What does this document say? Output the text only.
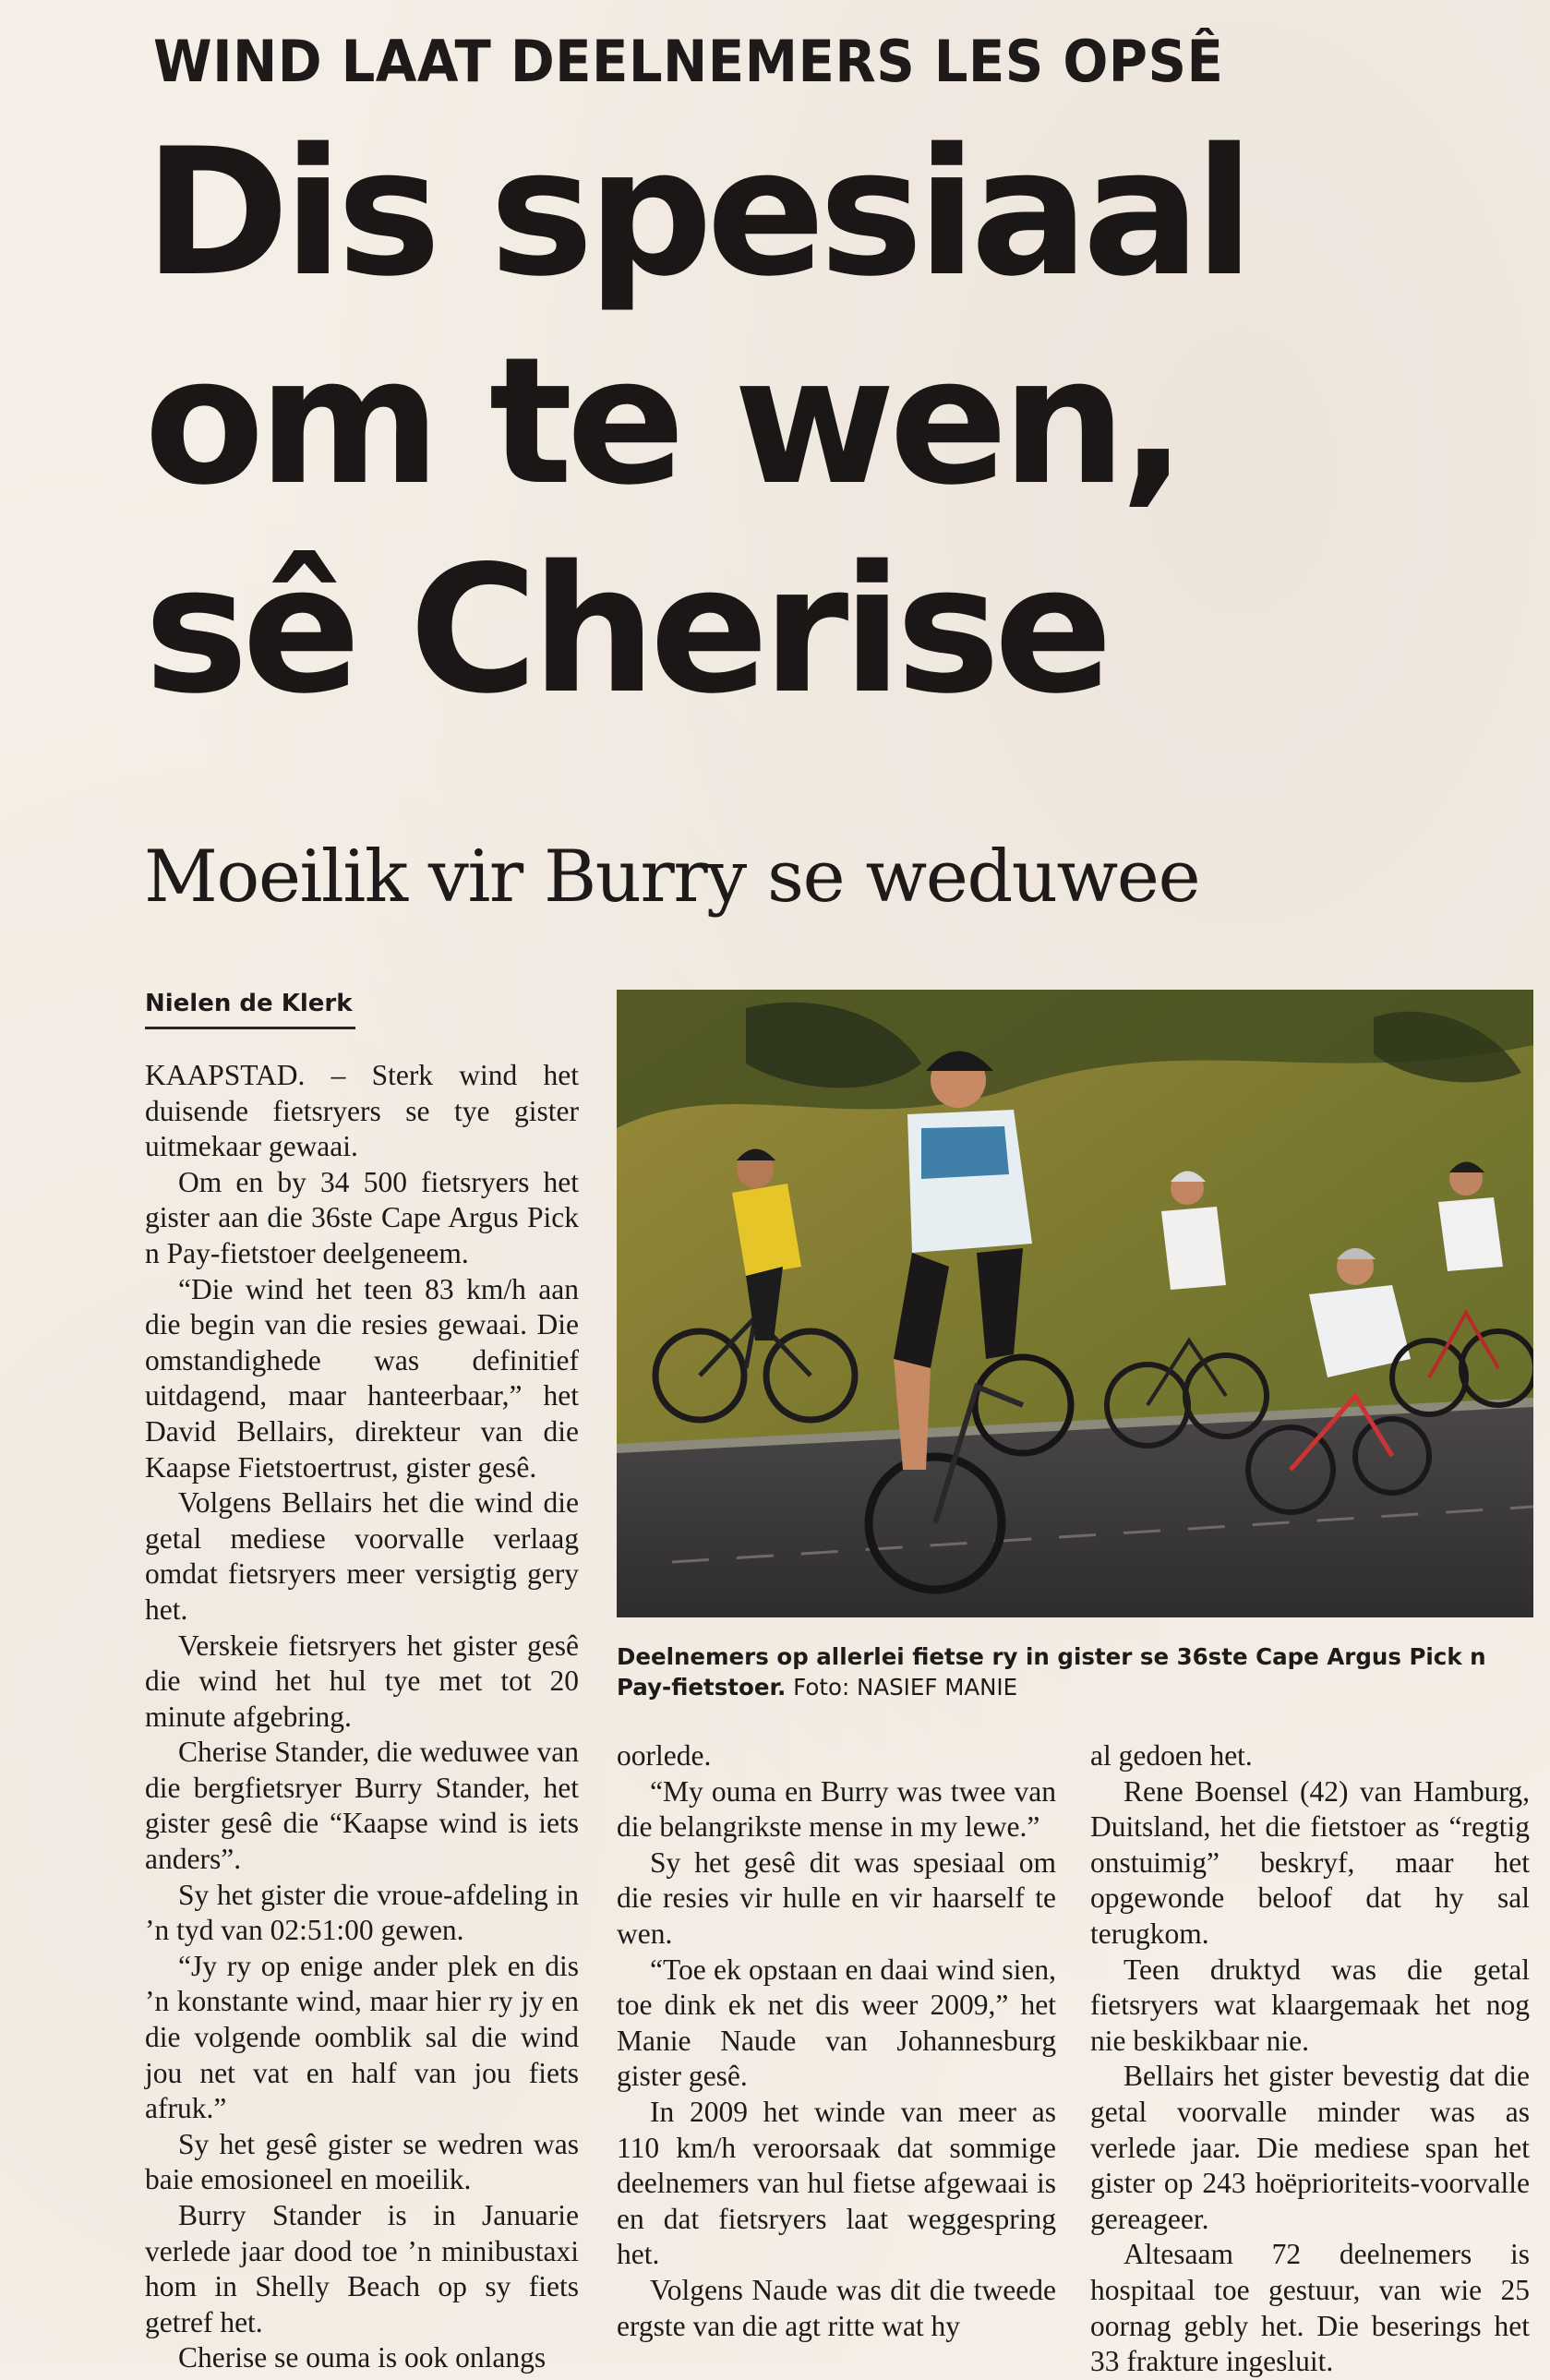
WIND LAAT DEELNEMERS LES OPSÊ
Dis spesiaal
om te wen,
sê Cherise
Moeilik vir Burry se weduwee
Nielen de Klerk
Deelnemers op allerlei fietse ry in gister se 36ste Cape Argus Pick n Pay-fietstoer. Foto: NASIEF MANIE

KAAPSTAD. – Sterk wind het duisende fietsryers se tye gister uitmekaar gewaai.

Om en by 34 500 fietsryers het gister aan die 36ste Cape Argus Pick n Pay-fietstoer deelgeneem.

“Die wind het teen 83 km/h aan die begin van die resies gewaai. Die omstandighede was definitief uitdagend, maar hanteerbaar,” het David Bellairs, direkteur van die Kaapse Fietstoertrust, gister gesê.

Volgens Bellairs het die wind die getal mediese voorvalle verlaag omdat fietsryers meer versigtig gery het.

Verskeie fietsryers het gister gesê die wind het hul tye met tot 20 minute afgebring.

Cherise Stander, die weduwee van die bergfietsryer Burry Stander, het gister gesê die “Kaapse wind is iets anders”.

Sy het gister die vroue-afdeling in ’n tyd van 02:51:00 gewen.

“Jy ry op enige ander plek en dis ’n konstante wind, maar hier ry jy en die volgende oomblik sal die wind jou net vat en half van jou fiets afruk.”

Sy het gesê gister se wedren was baie emosioneel en moeilik.

Burry Stander is in Januarie verlede jaar dood toe ’n minibustaxi hom in Shelly Beach op sy fiets getref het.

Cherise se ouma is ook onlangs

oorlede.

“My ouma en Burry was twee van die belangrikste mense in my lewe.”

Sy het gesê dit was spesiaal om die resies vir hulle en vir haarself te wen.

“Toe ek opstaan en daai wind sien, toe dink ek net dis weer 2009,” het Manie Naude van Johannesburg gister gesê.

In 2009 het winde van meer as 110 km/h veroorsaak dat sommige deelnemers van hul fietse afgewaai is en dat fietsryers laat weggespring het.

Volgens Naude was dit die tweede ergste van die agt ritte wat hy

al gedoen het.

Rene Boensel (42) van Hamburg, Duitsland, het die fietstoer as “regtig onstuimig” beskryf, maar het opgewonde beloof dat hy sal terugkom.

Teen druktyd was die getal fietsryers wat klaargemaak het nog nie beskikbaar nie.

Bellairs het gister bevestig dat die getal voorvalle minder was as verlede jaar. Die mediese span het gister op 243 hoëprioriteits-voorvalle gereageer.

Altesaam 72 deelnemers is hospitaal toe gestuur, van wie 25 oornag gebly het. Die beserings het 33 frakture ingesluit.
